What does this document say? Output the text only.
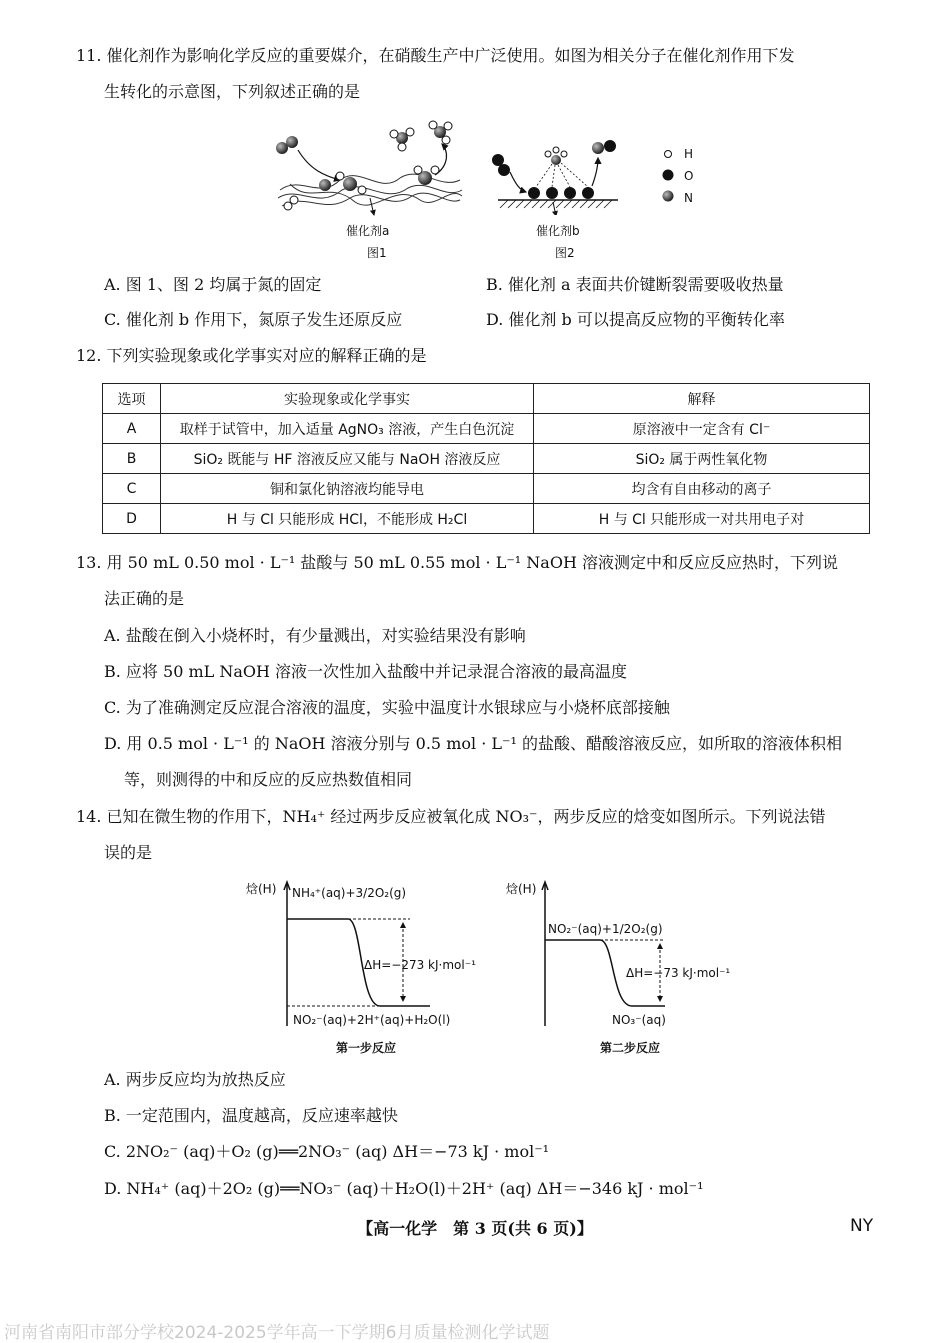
11. 催化剂作为影响化学反应的重要媒介，在硝酸生产中广泛使用。如图为相关分子在催化剂作用下发
生转化的示意图，下列叙述正确的是
催化剂a
图1
催化剂b
图2
H
O
N
A. 图 1、图 2 均属于氮的固定	B. 催化剂 a 表面共价键断裂需要吸收热量
C. 催化剂 b 作用下，氮原子发生还原反应	D. 催化剂 b 可以提高反应物的平衡转化率
12. 下列实验现象或化学事实对应的解释正确的是
选项	实验现象或化学事实	解释
A	取样于试管中，加入适量 AgNO₃ 溶液，产生白色沉淀	原溶液中一定含有 Cl⁻
B	SiO₂ 既能与 HF 溶液反应又能与 NaOH 溶液反应	SiO₂ 属于两性氧化物
C	铜和氯化钠溶液均能导电	均含有自由移动的离子
D	H 与 Cl 只能形成 HCl，不能形成 H₂Cl	H 与 Cl 只能形成一对共用电子对
13. 用 50 mL 0.50 mol · L⁻¹ 盐酸与 50 mL 0.55 mol · L⁻¹ NaOH 溶液测定中和反应反应热时，下列说
法正确的是
A. 盐酸在倒入小烧杯时，有少量溅出，对实验结果没有影响
B. 应将 50 mL NaOH 溶液一次性加入盐酸中并记录混合溶液的最高温度
C. 为了准确测定反应混合溶液的温度，实验中温度计水银球应与小烧杯底部接触
D. 用 0.5 mol · L⁻¹ 的 NaOH 溶液分别与 0.5 mol · L⁻¹ 的盐酸、醋酸溶液反应，如所取的溶液体积相
等，则测得的中和反应的反应热数值相同
14. 已知在微生物的作用下，NH₄⁺ 经过两步反应被氧化成 NO₃⁻，两步反应的焓变如图所示。下列说法错
误的是
焓(H) NH₄⁺(aq)+3/2O₂(g)
ΔH=−273 kJ·mol⁻¹
NO₂⁻(aq)+2H⁺(aq)+H₂O(l)
第一步反应
焓(H)
NO₂⁻(aq)+1/2O₂(g)
ΔH=−73 kJ·mol⁻¹
NO₃⁻(aq)
第二步反应
A. 两步反应均为放热反应
B. 一定范围内，温度越高，反应速率越快
C. 2NO₂⁻ (aq)＋O₂ (g)══2NO₃⁻ (aq) ΔH＝−73 kJ · mol⁻¹
D. NH₄⁺ (aq)＋2O₂ (g)══NO₃⁻ (aq)＋H₂O(l)＋2H⁺ (aq) ΔH＝−346 kJ · mol⁻¹
【高一化学　第 3 页(共 6 页)】	NY
河南省南阳市部分学校2024-2025学年高一下学期6月质量检测化学试题
